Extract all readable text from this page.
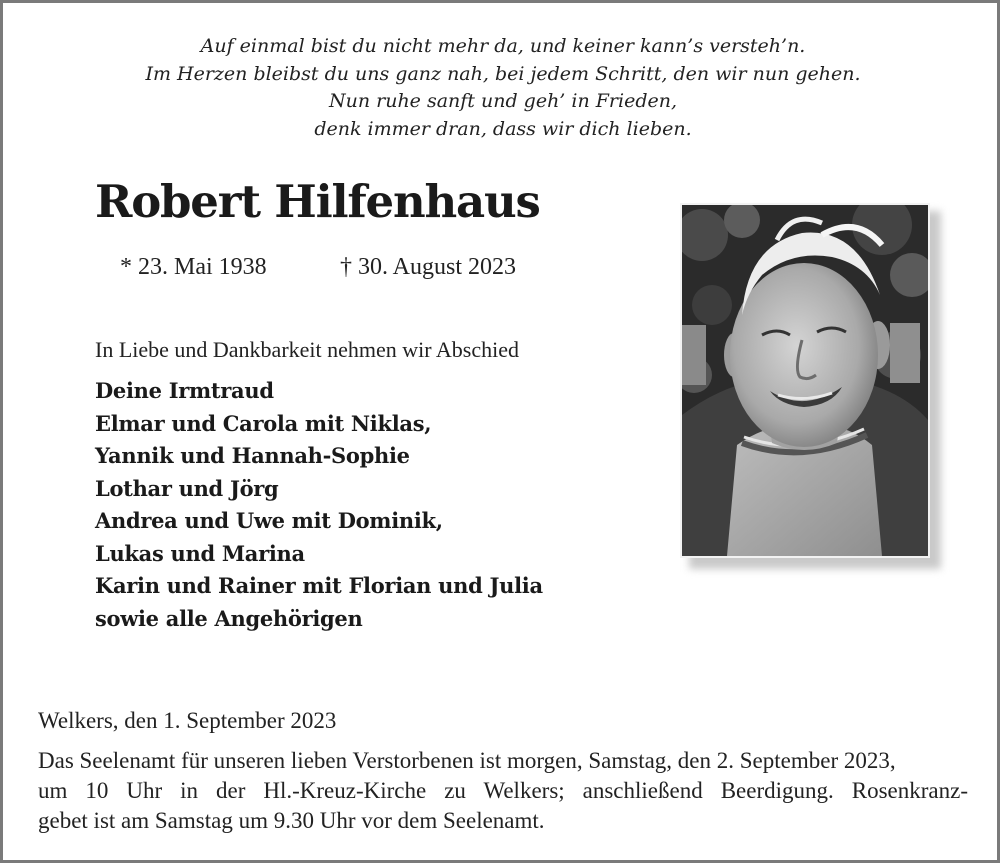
Auf einmal bist du nicht mehr da, und keiner kann’s versteh’n.
Im Herzen bleibst du uns ganz nah, bei jedem Schritt, den wir nun gehen.
Nun ruhe sanft und geh’ in Frieden,
denk immer dran, dass wir dich lieben.
Robert Hilfenhaus
* 23. Mai 1938	† 30. August 2023
In Liebe und Dankbarkeit nehmen wir Abschied
Deine Irmtraud
Elmar und Carola mit Niklas,
Yannik und Hannah-Sophie
Lothar und Jörg
Andrea und Uwe mit Dominik,
Lukas und Marina
Karin und Rainer mit Florian und Julia
sowie alle Angehörigen
Welkers, den 1. September 2023
Das Seelenamt für unseren lieben Verstorbenen ist morgen, Samstag, den 2. September 2023,
um 10 Uhr in der Hl.-Kreuz-Kirche zu Welkers; anschließend Beerdigung. Rosenkranz-
gebet ist am Samstag um 9.30 Uhr vor dem Seelenamt.
